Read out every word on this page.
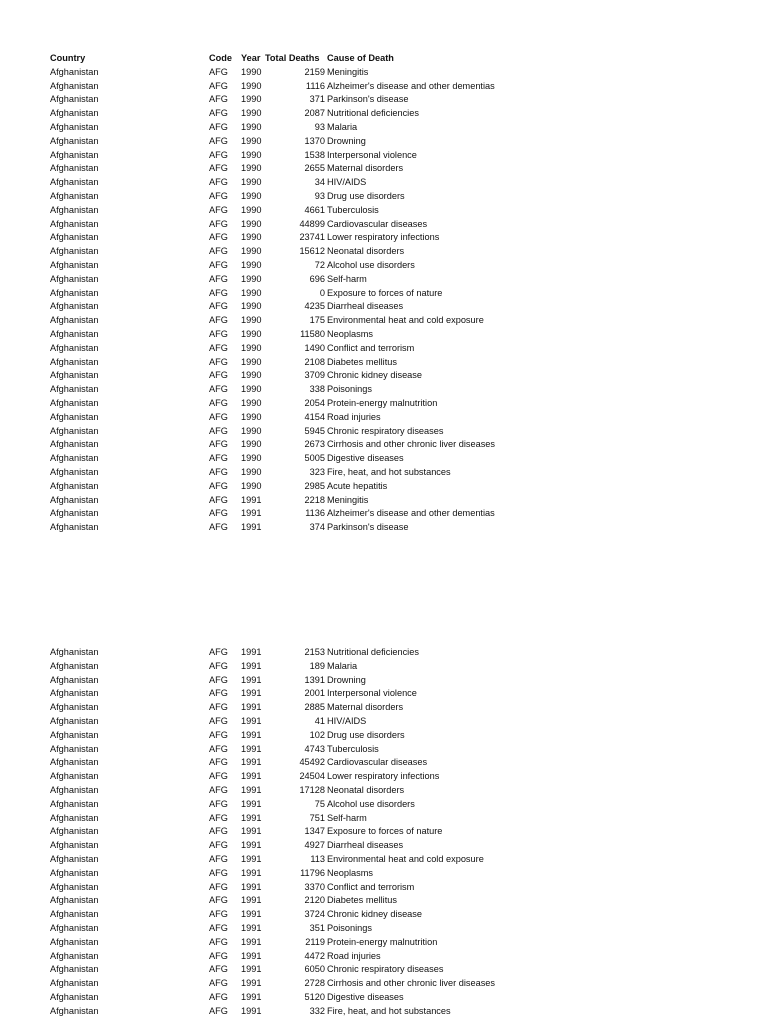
Country	Code Year Total Deaths Cause of Death
Afghanistan	AFG 1990	2159 Meningitis
Afghanistan	AFG 1990	1116 Alzheimer's disease and other dementias
Afghanistan	AFG 1990	371 Parkinson's disease
Afghanistan	AFG 1990	2087 Nutritional deficiencies
Afghanistan	AFG 1990	93 Malaria
Afghanistan	AFG 1990	1370 Drowning
Afghanistan	AFG 1990	1538 Interpersonal violence
Afghanistan	AFG 1990	2655 Maternal disorders
Afghanistan	AFG 1990	34 HIV/AIDS
Afghanistan	AFG 1990	93 Drug use disorders
Afghanistan	AFG 1990	4661 Tuberculosis
Afghanistan	AFG 1990	44899 Cardiovascular diseases
Afghanistan	AFG 1990	23741 Lower respiratory infections
Afghanistan	AFG 1990	15612 Neonatal disorders
Afghanistan	AFG 1990	72 Alcohol use disorders
Afghanistan	AFG 1990	696 Self-harm
Afghanistan	AFG 1990	0 Exposure to forces of nature
Afghanistan	AFG 1990	4235 Diarrheal diseases
Afghanistan	AFG 1990	175 Environmental heat and cold exposure
Afghanistan	AFG 1990	11580 Neoplasms
Afghanistan	AFG 1990	1490 Conflict and terrorism
Afghanistan	AFG 1990	2108 Diabetes mellitus
Afghanistan	AFG 1990	3709 Chronic kidney disease
Afghanistan	AFG 1990	338 Poisonings
Afghanistan	AFG 1990	2054 Protein-energy malnutrition
Afghanistan	AFG 1990	4154 Road injuries
Afghanistan	AFG 1990	5945 Chronic respiratory diseases
Afghanistan	AFG 1990	2673 Cirrhosis and other chronic liver diseases
Afghanistan	AFG 1990	5005 Digestive diseases
Afghanistan	AFG 1990	323 Fire, heat, and hot substances
Afghanistan	AFG 1990	2985 Acute hepatitis
Afghanistan	AFG 1991	2218 Meningitis
Afghanistan	AFG 1991	1136 Alzheimer's disease and other dementias
Afghanistan	AFG 1991	374 Parkinson's disease
Afghanistan	AFG 1991	2153 Nutritional deficiencies
Afghanistan	AFG 1991	189 Malaria
Afghanistan	AFG 1991	1391 Drowning
Afghanistan	AFG 1991	2001 Interpersonal violence
Afghanistan	AFG 1991	2885 Maternal disorders
Afghanistan	AFG 1991	41 HIV/AIDS
Afghanistan	AFG 1991	102 Drug use disorders
Afghanistan	AFG 1991	4743 Tuberculosis
Afghanistan	AFG 1991	45492 Cardiovascular diseases
Afghanistan	AFG 1991	24504 Lower respiratory infections
Afghanistan	AFG 1991	17128 Neonatal disorders
Afghanistan	AFG 1991	75 Alcohol use disorders
Afghanistan	AFG 1991	751 Self-harm
Afghanistan	AFG 1991	1347 Exposure to forces of nature
Afghanistan	AFG 1991	4927 Diarrheal diseases
Afghanistan	AFG 1991	113 Environmental heat and cold exposure
Afghanistan	AFG 1991	11796 Neoplasms
Afghanistan	AFG 1991	3370 Conflict and terrorism
Afghanistan	AFG 1991	2120 Diabetes mellitus
Afghanistan	AFG 1991	3724 Chronic kidney disease
Afghanistan	AFG 1991	351 Poisonings
Afghanistan	AFG 1991	2119 Protein-energy malnutrition
Afghanistan	AFG 1991	4472 Road injuries
Afghanistan	AFG 1991	6050 Chronic respiratory diseases
Afghanistan	AFG 1991	2728 Cirrhosis and other chronic liver diseases
Afghanistan	AFG 1991	5120 Digestive diseases
Afghanistan	AFG 1991	332 Fire, heat, and hot substances
